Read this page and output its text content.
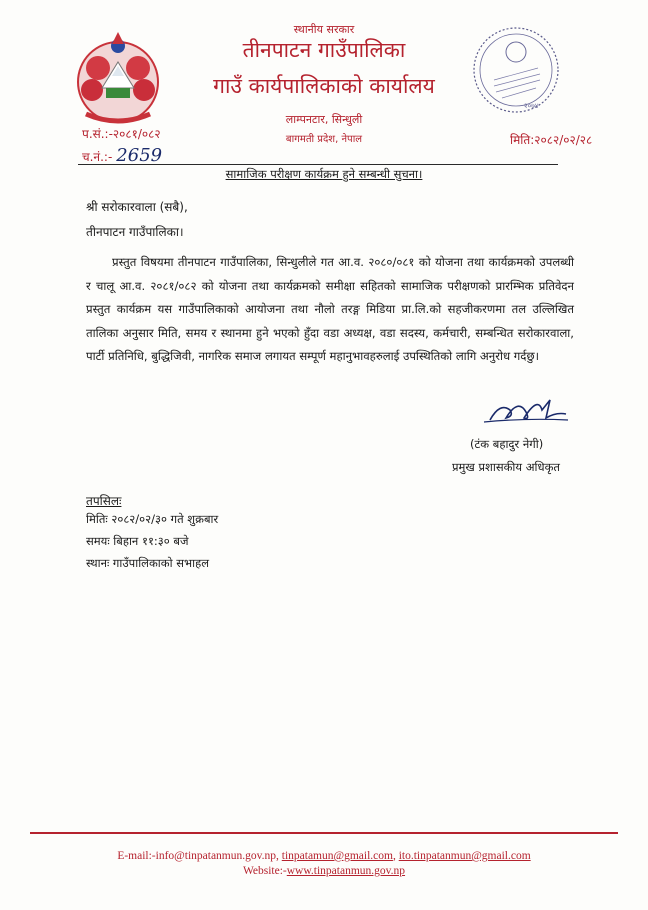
२०७४
स्थानीय सरकार
तीनपाटन गाउँपालिका
गाउँ कार्यपालिकाको कार्यालय
लाम्पनटार, सिन्धुली
बागमती प्रदेश, नेपाल
प.सं.:-२०८१/०८२
च.नं.:- 2659
मिति:२०८२/०२/२८
सामाजिक परीक्षण कार्यक्रम हुने सम्बन्धी सुचना।
श्री सरोकारवाला (सबै),
तीनपाटन गाउँपालिका।
प्रस्तुत विषयमा तीनपाटन गाउँपालिका, सिन्धुलीले गत आ.व. २०८०/०८१ को योजना तथा कार्यक्रमको उपलब्धी र चालू आ.व. २०८१/०८२ को योजना तथा कार्यक्रमको समीक्षा सहितको सामाजिक परीक्षणको प्रारम्भिक प्रतिवेदन प्रस्तुत कार्यक्रम यस गाउँपालिकाको आयोजना तथा नौलो तरङ्ग मिडिया प्रा.लि.को सहजीकरणमा तल उल्लिखित तालिका अनुसार मिति, समय र स्थानमा हुने भएको हुँदा वडा अध्यक्ष, वडा सदस्य, कर्मचारी, सम्बन्धित सरोकारवाला, पार्टी प्रतिनिधि, बुद्धिजिवी, नागरिक समाज लगायत सम्पूर्ण महानुभावहरुलाई उपस्थितिको लागि अनुरोध गर्दछु।
(टंक बहादुर नेगी)
प्रमुख प्रशासकीय अधिकृत
तपसिलः
मितिः २०८२/०२/३० गते शुक्रबार
समयः बिहान ११:३० बजे
स्थानः गाउँपालिकाको सभाहल
E-mail:-info@tinpatanmun.gov.np, tinpatamun@gmail.com, ito.tinpatanmun@gmail.com
Website:-www.tinpatanmun.gov.np
